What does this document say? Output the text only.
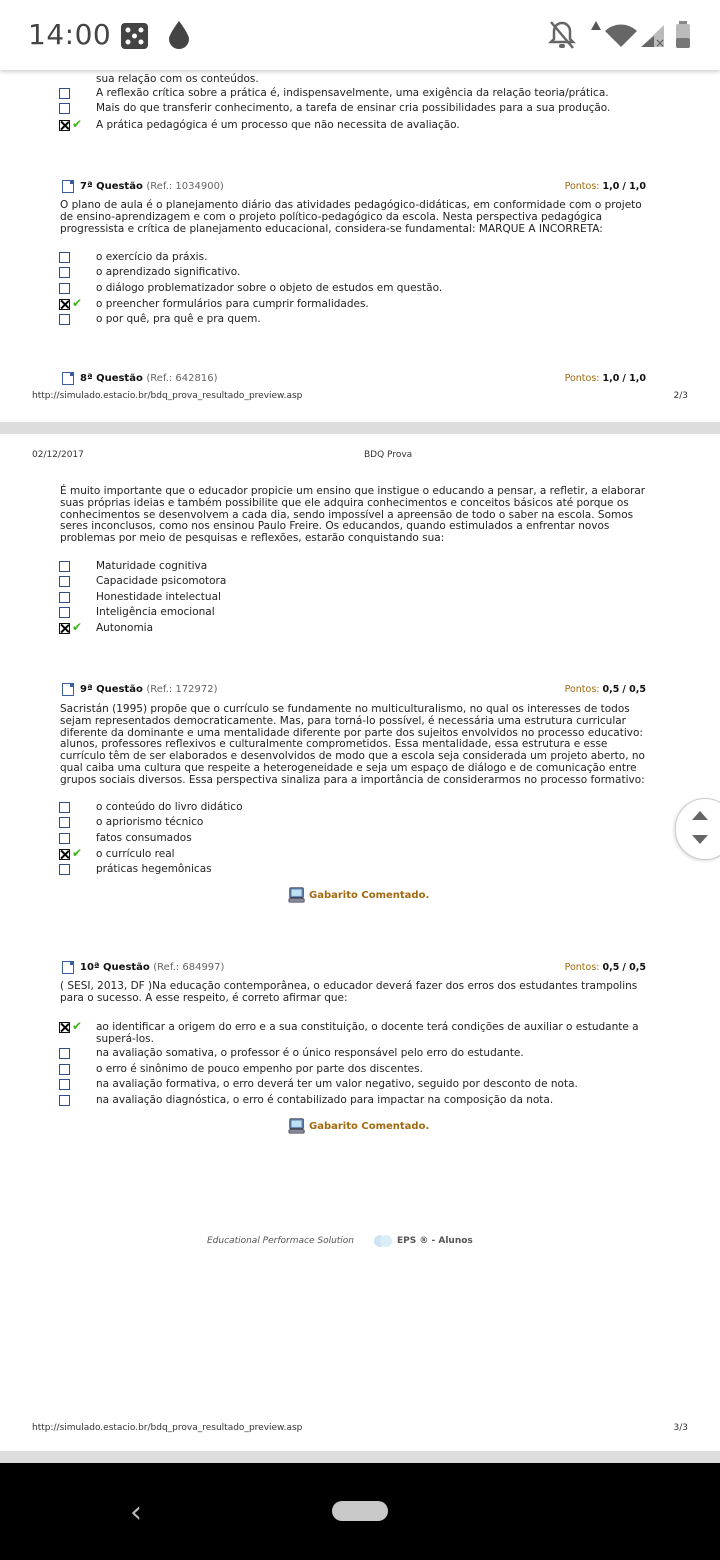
14:00	×
sua relação com os conteúdos.
A reflexão crítica sobre a prática é, indispensavelmente, uma exigência da relação teoria/prática.
Mais do que transferir conhecimento, a tarefa de ensinar cria possibilidades para a sua produção.
✔ A prática pedagógica é um processo que não necessita de avaliação.
7ª Questão (Ref.: 1034900)	Pontos: 1,0 / 1,0
O plano de aula é o planejamento diário das atividades pedagógico-didáticas, em conformidade com o projeto de ensino-aprendizagem e com o projeto político-pedagógico da escola. Nesta perspectiva pedagógica progressista e crítica de planejamento educacional, considera-se fundamental: MARQUE A INCORRETA:
o exercício da práxis.
o aprendizado significativo.
o diálogo problematizador sobre o objeto de estudos em questão.
✔ o preencher formulários para cumprir formalidades.
o por quê, pra quê e pra quem.
8ª Questão (Ref.: 642816)	Pontos: 1,0 / 1,0
http://simulado.estacio.br/bdq_prova_resultado_preview.asp	2/3
02/12/2017	BDQ Prova
É muito importante que o educador propicie um ensino que instigue o educando a pensar, a refletir, a elaborar suas próprias ideias e também possibilite que ele adquira conhecimentos e conceitos básicos até porque os conhecimentos se desenvolvem a cada dia, sendo impossível a apreensão de todo o saber na escola. Somos seres inconclusos, como nos ensinou Paulo Freire. Os educandos, quando estimulados a enfrentar novos problemas por meio de pesquisas e reflexões, estarão conquistando sua:
Maturidade cognitiva
Capacidade psicomotora
Honestidade intelectual
Inteligência emocional
✔ Autonomia
9ª Questão (Ref.: 172972)	Pontos: 0,5 / 0,5
Sacristán (1995) propõe que o currículo se fundamente no multiculturalismo, no qual os interesses de todos sejam representados democraticamente. Mas, para torná-lo possível, é necessária uma estrutura curricular diferente da dominante e uma mentalidade diferente por parte dos sujeitos envolvidos no processo educativo: alunos, professores reflexivos e culturalmente comprometidos. Essa mentalidade, essa estrutura e esse currículo têm de ser elaborados e desenvolvidos de modo que a escola seja considerada um projeto aberto, no qual caiba uma cultura que respeite a heterogeneidade e seja um espaço de diálogo e de comunicação entre grupos sociais diversos. Essa perspectiva sinaliza para a importância de considerarmos no processo formativo:
o conteúdo do livro didático
o apriorismo técnico
fatos consumados
✔ o currículo real
práticas hegemônicas
Gabarito Comentado.
10ª Questão (Ref.: 684997)	Pontos: 0,5 / 0,5
( SESI, 2013, DF )Na educação contemporânea, o educador deverá fazer dos erros dos estudantes trampolins para o sucesso. A esse respeito, é correto afirmar que:
✔ ao identificar a origem do erro e a sua constituição, o docente terá condições de auxiliar o estudante a
superá-los.
na avaliação somativa, o professor é o único responsável pelo erro do estudante.
o erro é sinônimo de pouco empenho por parte dos discentes.
na avaliação formativa, o erro deverá ter um valor negativo, seguido por desconto de nota.
na avaliação diagnóstica, o erro é contabilizado para impactar na composição da nota.
Gabarito Comentado.
Educational Performace Solution	EPS ® - Alunos
http://simulado.estacio.br/bdq_prova_resultado_preview.asp	3/3
‹
